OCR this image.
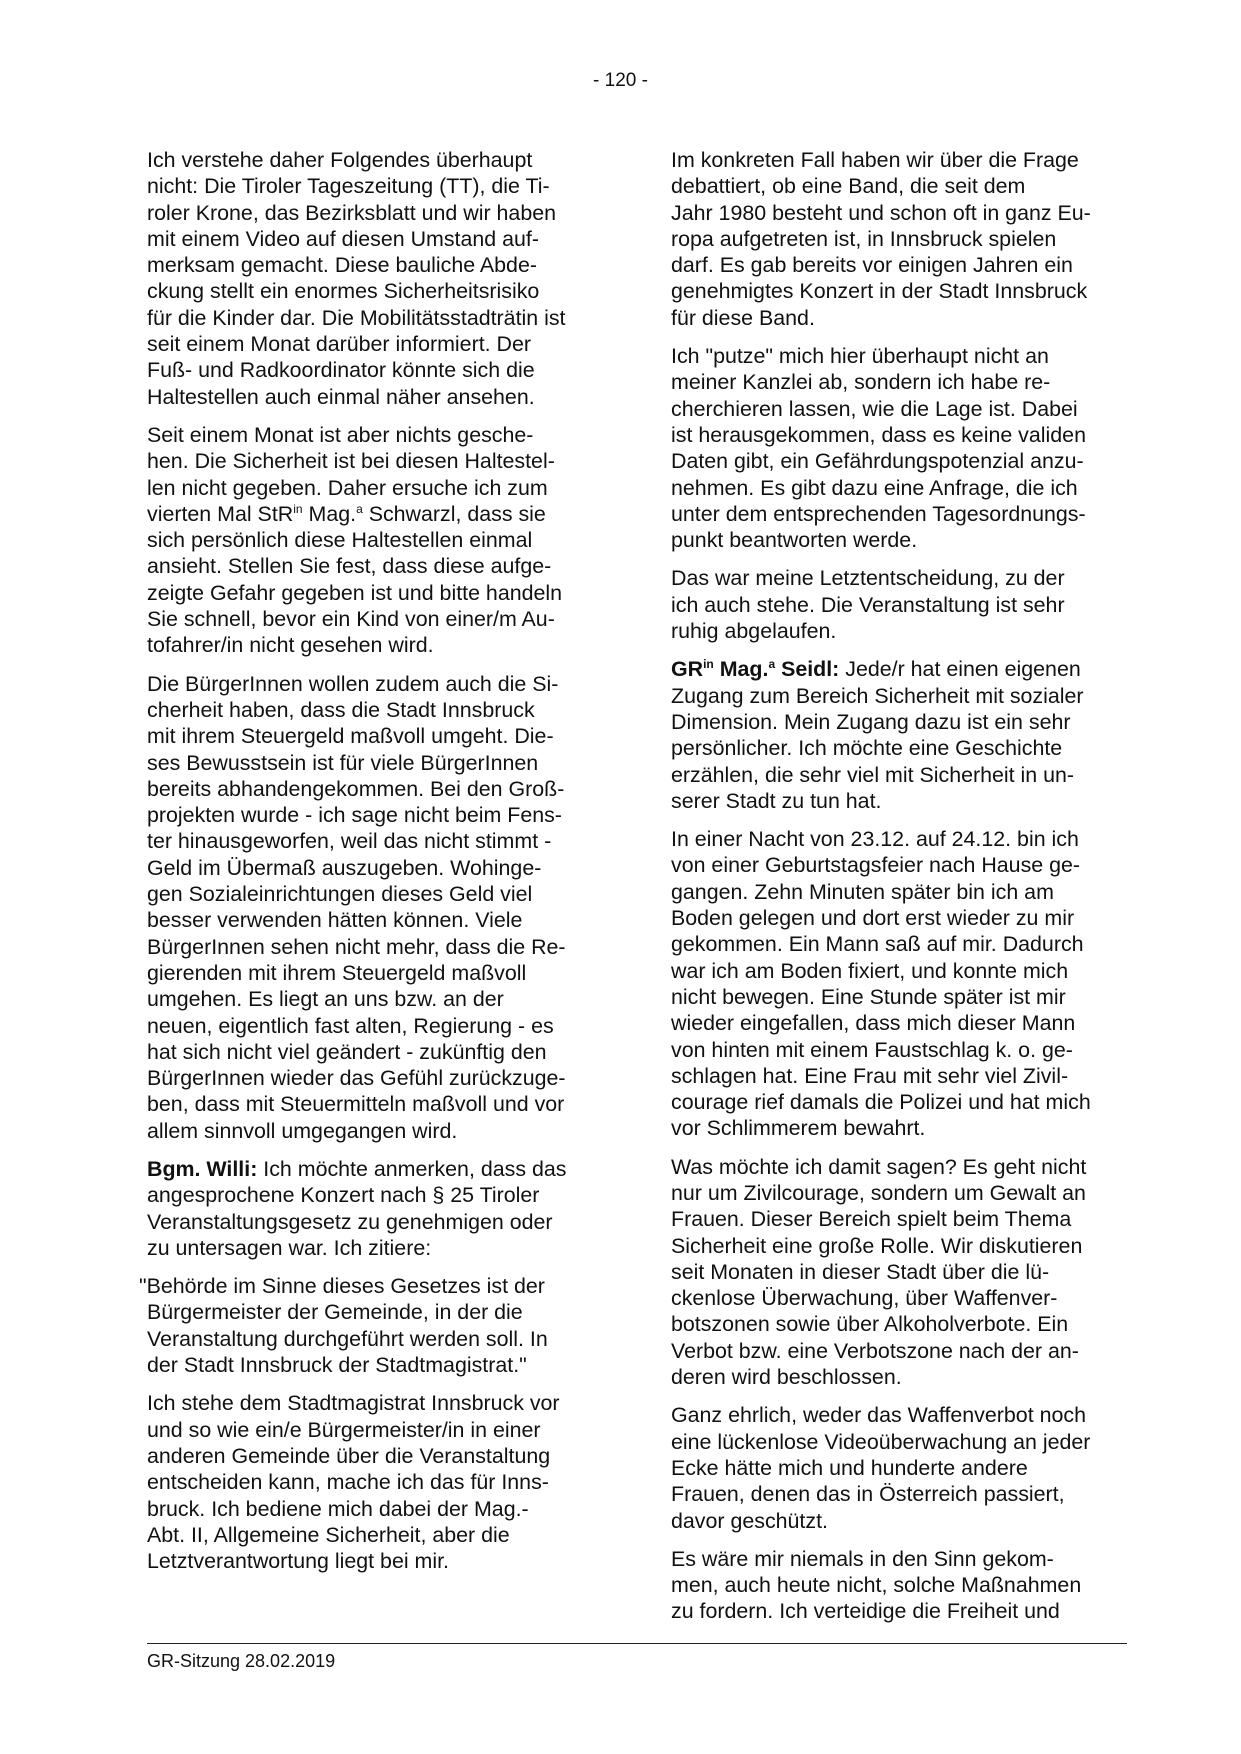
- 120 -

Ich verstehe daher Folgendes überhaupt
nicht: Die Tiroler Tageszeitung (TT), die Ti-
roler Krone, das Bezirksblatt und wir haben
mit einem Video auf diesen Umstand auf-
merksam gemacht. Diese bauliche Abde-
ckung stellt ein enormes Sicherheitsrisiko
für die Kinder dar. Die Mobilitätsstadträtin ist
seit einem Monat darüber informiert. Der
Fuß- und Radkoordinator könnte sich die
Haltestellen auch einmal näher ansehen.

Seit einem Monat ist aber nichts gesche-
hen. Die Sicherheit ist bei diesen Haltestel-
len nicht gegeben. Daher ersuche ich zum
vierten Mal StR$^{in}$ Mag.$^a$ Schwarzl, dass sie
sich persönlich diese Haltestellen einmal
ansieht. Stellen Sie fest, dass diese aufge-
zeigte Gefahr gegeben ist und bitte handeln
Sie schnell, bevor ein Kind von einer/m Au-
tofahrer/in nicht gesehen wird.

Die BürgerInnen wollen zudem auch die Si-
cherheit haben, dass die Stadt Innsbruck
mit ihrem Steuergeld maßvoll umgeht. Die-
ses Bewusstsein ist für viele BürgerInnen
bereits abhandengekommen. Bei den Groß-
projekten wurde - ich sage nicht beim Fens-
ter hinausgeworfen, weil das nicht stimmt -
Geld im Übermaß auszugeben. Wohinge-
gen Sozialeinrichtungen dieses Geld viel
besser verwenden hätten können. Viele
BürgerInnen sehen nicht mehr, dass die Re-
gierenden mit ihrem Steuergeld maßvoll
umgehen. Es liegt an uns bzw. an der
neuen, eigentlich fast alten, Regierung - es
hat sich nicht viel geändert - zukünftig den
BürgerInnen wieder das Gefühl zurückzuge-
ben, dass mit Steuermitteln maßvoll und vor
allem sinnvoll umgegangen wird.

Bgm. Willi: Ich möchte anmerken, dass das
angesprochene Konzert nach § 25 Tiroler
Veranstaltungsgesetz zu genehmigen oder
zu untersagen war. Ich zitiere:

"Behörde im Sinne dieses Gesetzes ist der
Bürgermeister der Gemeinde, in der die
Veranstaltung durchgeführt werden soll. In
der Stadt Innsbruck der Stadtmagistrat."

Ich stehe dem Stadtmagistrat Innsbruck vor
und so wie ein/e Bürgermeister/in in einer
anderen Gemeinde über die Veranstaltung
entscheiden kann, mache ich das für Inns-
bruck. Ich bediene mich dabei der Mag.-
Abt. II, Allgemeine Sicherheit, aber die
Letztverantwortung liegt bei mir.

Im konkreten Fall haben wir über die Frage
debattiert, ob eine Band, die seit dem
Jahr 1980 besteht und schon oft in ganz Eu-
ropa aufgetreten ist, in Innsbruck spielen
darf. Es gab bereits vor einigen Jahren ein
genehmigtes Konzert in der Stadt Innsbruck
für diese Band.

Ich "putze" mich hier überhaupt nicht an
meiner Kanzlei ab, sondern ich habe re-
cherchieren lassen, wie die Lage ist. Dabei
ist herausgekommen, dass es keine validen
Daten gibt, ein Gefährdungspotenzial anzu-
nehmen. Es gibt dazu eine Anfrage, die ich
unter dem entsprechenden Tagesordnungs-
punkt beantworten werde.

Das war meine Letztentscheidung, zu der
ich auch stehe. Die Veranstaltung ist sehr
ruhig abgelaufen.

$GR^{in}$ Mag.$^a$ Seidl: Jede/r hat einen eigenen
Zugang zum Bereich Sicherheit mit sozialer
Dimension. Mein Zugang dazu ist ein sehr
persönlicher. Ich möchte eine Geschichte
erzählen, die sehr viel mit Sicherheit in un-
serer Stadt zu tun hat.

In einer Nacht von 23.12. auf 24.12. bin ich
von einer Geburtstagsfeier nach Hause ge-
gangen. Zehn Minuten später bin ich am
Boden gelegen und dort erst wieder zu mir
gekommen. Ein Mann saß auf mir. Dadurch
war ich am Boden fixiert, und konnte mich
nicht bewegen. Eine Stunde später ist mir
wieder eingefallen, dass mich dieser Mann
von hinten mit einem Faustschlag k. o. ge-
schlagen hat. Eine Frau mit sehr viel Zivil-
courage rief damals die Polizei und hat mich
vor Schlimmerem bewahrt.

Was möchte ich damit sagen? Es geht nicht
nur um Zivilcourage, sondern um Gewalt an
Frauen. Dieser Bereich spielt beim Thema
Sicherheit eine große Rolle. Wir diskutieren
seit Monaten in dieser Stadt über die lü-
ckenlose Überwachung, über Waffenver-
botszonen sowie über Alkoholverbote. Ein
Verbot bzw. eine Verbotszone nach der an-
deren wird beschlossen.

Ganz ehrlich, weder das Waffenverbot noch
eine lückenlose Videoüberwachung an jeder
Ecke hätte mich und hunderte andere
Frauen, denen das in Österreich passiert,
davor geschützt.

Es wäre mir niemals in den Sinn gekom-
men, auch heute nicht, solche Maßnahmen
zu fordern. Ich verteidige die Freiheit und

GR-Sitzung 28.02.2019
